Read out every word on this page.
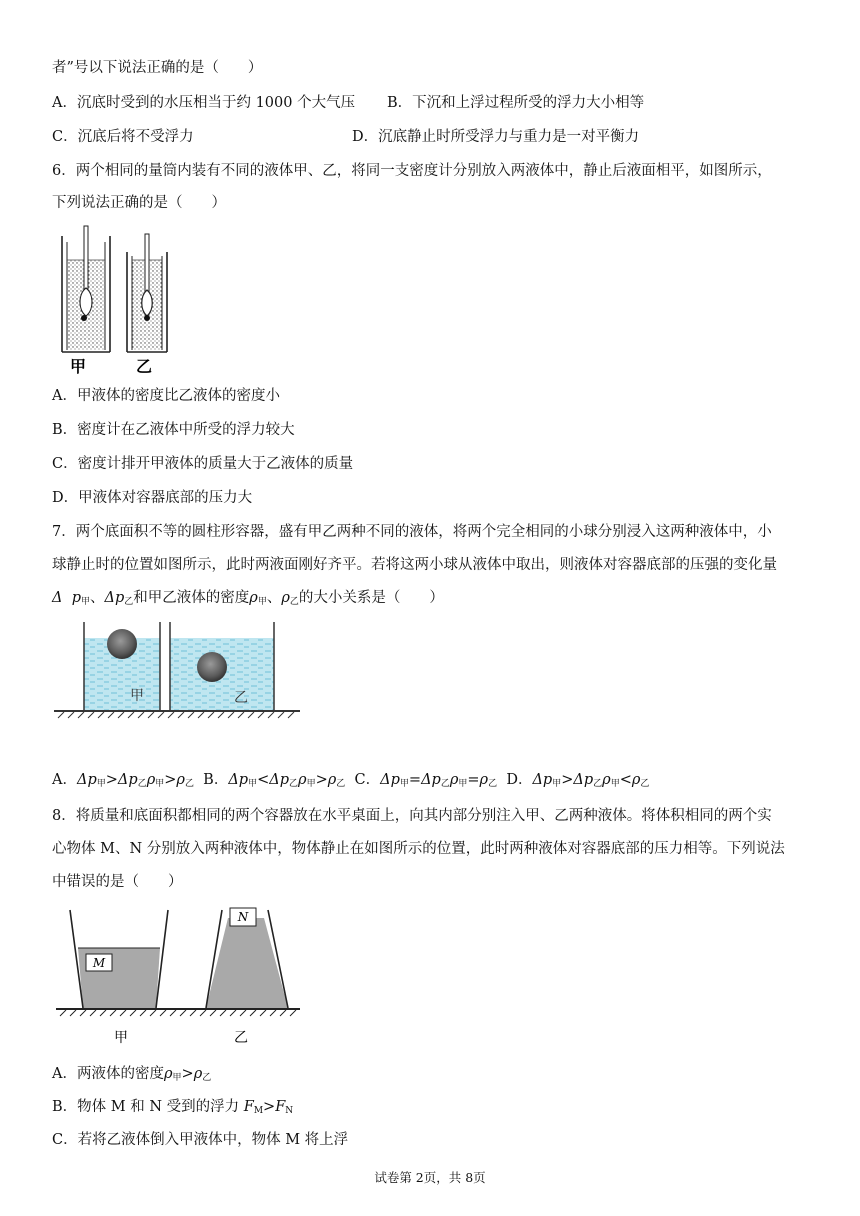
者”号以下说法正确的是（　　）
A．沉底时受到的水压相当于约 1000 个大气压 B．下沉和上浮过程所受的浮力大小相等
C．沉底后将不受浮力	D．沉底静止时所受浮力与重力是一对平衡力
6．两个相同的量筒内装有不同的液体甲、乙，将同一支密度计分别放入两液体中，静止后液面相平，如图所示，
下列说法正确的是（　　）
甲	乙
A．甲液体的密度比乙液体的密度小
B．密度计在乙液体中所受的浮力较大
C．密度计排开甲液体的质量大于乙液体的质量
D．甲液体对容器底部的压力大
7．两个底面积不等的圆柱形容器，盛有甲乙两种不同的液体，将两个完全相同的小球分别浸入这两种液体中，小
球静止时的位置如图所示，此时两液面刚好齐平。若将这两小球从液体中取出，则液体对容器底部的压强的变化量
Δ $p_甲$、$\Delta p_乙$和甲乙液体的密度$\rho_甲$、$\rho_乙$的大小关系是（　　）
甲	乙
A．$\Delta p_甲>\Delta p_乙\rho_甲>\rho_乙$ B．$\Delta p_甲<\Delta p_乙\rho_甲>\rho_乙$ C．$\Delta p_甲=\Delta p_乙\rho_甲=\rho_乙$ D．$\Delta p_甲>\Delta p_乙\rho_甲<\rho_乙$
8．将质量和底面积都相同的两个容器放在水平桌面上，向其内部分别注入甲、乙两种液体。将体积相同的两个实
心物体 M、N 分别放入两种液体中，物体静止在如图所示的位置，此时两种液体对容器底部的压力相等。下列说法
中错误的是（　　）
M
N
甲	乙
A．两液体的密度$\rho_甲>\rho_乙$
B．物体 M 和 N 受到的浮力 $F_M>F_N$
C．若将乙液体倒入甲液体中，物体 M 将上浮
试卷第 2页，共 8页
